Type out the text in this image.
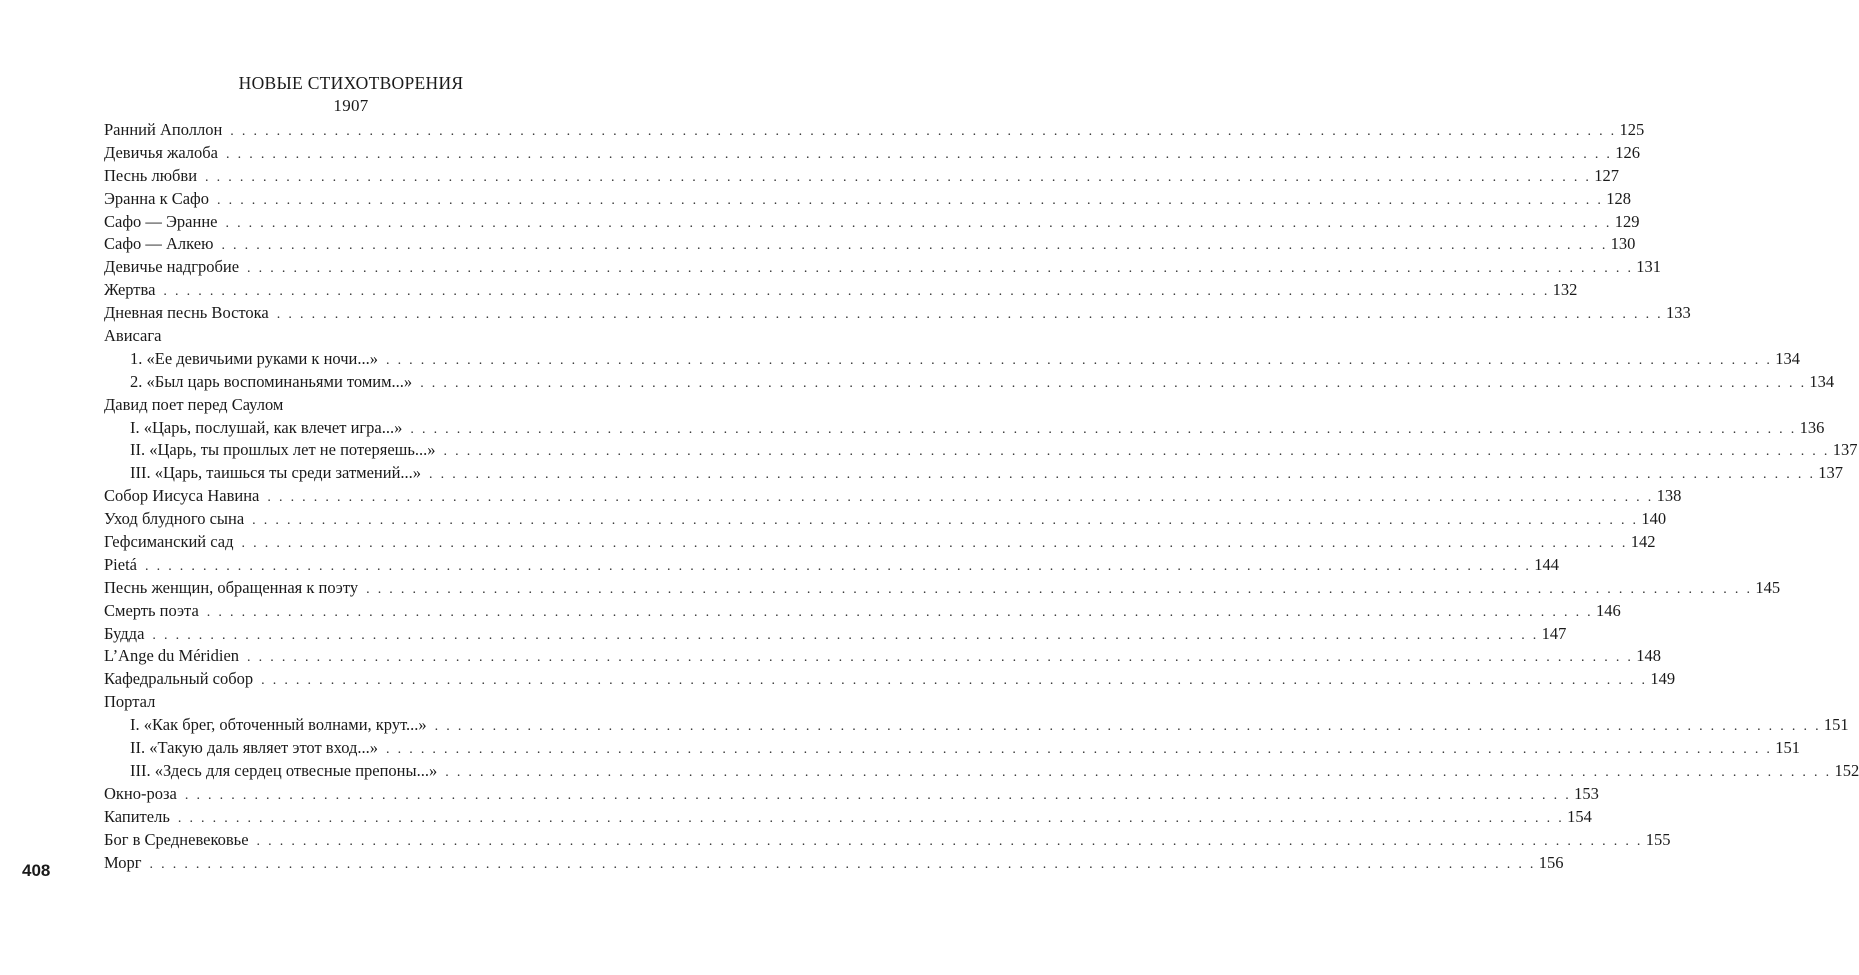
НОВЫЕ СТИХОТВОРЕНИЯ
1907
Ранний Аполлон . . . . . . . . . . . . . . . . . . . . . . . . . . . . . . . . . . . . . . . . . . . . . . . . . . . . . . . . . . . . . . . . . . . . . . . . . . . . . . . . . . . . . . . . . . . . . . . . . . . . . . . . . . . . . . . . . . . . . . . . 125
Девичья жалоба . . . . . . . . . . . . . . . . . . . . . . . . . . . . . . . . . . . . . . . . . . . . . . . . . . . . . . . . . . . . . . . . . . . . . . . . . . . . . . . . . . . . . . . . . . . . . . . . . . . . . . . . . . . . . . . . . . . . . . . . 126
Песнь любви . . . . . . . . . . . . . . . . . . . . . . . . . . . . . . . . . . . . . . . . . . . . . . . . . . . . . . . . . . . . . . . . . . . . . . . . . . . . . . . . . . . . . . . . . . . . . . . . . . . . . . . . . . . . . . . . . . . . . . . . 127
Эранна к Сафо . . . . . . . . . . . . . . . . . . . . . . . . . . . . . . . . . . . . . . . . . . . . . . . . . . . . . . . . . . . . . . . . . . . . . . . . . . . . . . . . . . . . . . . . . . . . . . . . . . . . . . . . . . . . . . . . . . . . . . . . 128
Сафо — Эранне . . . . . . . . . . . . . . . . . . . . . . . . . . . . . . . . . . . . . . . . . . . . . . . . . . . . . . . . . . . . . . . . . . . . . . . . . . . . . . . . . . . . . . . . . . . . . . . . . . . . . . . . . . . . . . . . . . . . . . . . 129
Сафо — Алкею . . . . . . . . . . . . . . . . . . . . . . . . . . . . . . . . . . . . . . . . . . . . . . . . . . . . . . . . . . . . . . . . . . . . . . . . . . . . . . . . . . . . . . . . . . . . . . . . . . . . . . . . . . . . . . . . . . . . . . . . 130
Девичье надгробие . . . . . . . . . . . . . . . . . . . . . . . . . . . . . . . . . . . . . . . . . . . . . . . . . . . . . . . . . . . . . . . . . . . . . . . . . . . . . . . . . . . . . . . . . . . . . . . . . . . . . . . . . . . . . . . . . . . . . . . . 131
Жертва . . . . . . . . . . . . . . . . . . . . . . . . . . . . . . . . . . . . . . . . . . . . . . . . . . . . . . . . . . . . . . . . . . . . . . . . . . . . . . . . . . . . . . . . . . . . . . . . . . . . . . . . . . . . . . . . . . . . . . . . 132
Дневная песнь Востока . . . . . . . . . . . . . . . . . . . . . . . . . . . . . . . . . . . . . . . . . . . . . . . . . . . . . . . . . . . . . . . . . . . . . . . . . . . . . . . . . . . . . . . . . . . . . . . . . . . . . . . . . . . . . . . . . . . . . . . . 133
Ависага
1. «Ее девичьими руками к ночи...» . . . . . . . . . . . . . . . . . . . . . . . . . . . . . . . . . . . . . . . . . . . . . . . . . . . . . . . . . . . . . . . . . . . . . . . . . . . . . . . . . . . . . . . . . . . . . . . . . . . . . . . . . . . . . . . . . . . . . . . . 134
2. «Был царь воспоминаньями томим...» . . . . . . . . . . . . . . . . . . . . . . . . . . . . . . . . . . . . . . . . . . . . . . . . . . . . . . . . . . . . . . . . . . . . . . . . . . . . . . . . . . . . . . . . . . . . . . . . . . . . . . . . . . . . . . . . . . . . . . . . 134
Давид поет перед Саулом
I. «Царь, послушай, как влечет игра...» . . . . . . . . . . . . . . . . . . . . . . . . . . . . . . . . . . . . . . . . . . . . . . . . . . . . . . . . . . . . . . . . . . . . . . . . . . . . . . . . . . . . . . . . . . . . . . . . . . . . . . . . . . . . . . . . . . . . . . . . 136
II. «Царь, ты прошлых лет не потеряешь...» . . . . . . . . . . . . . . . . . . . . . . . . . . . . . . . . . . . . . . . . . . . . . . . . . . . . . . . . . . . . . . . . . . . . . . . . . . . . . . . . . . . . . . . . . . . . . . . . . . . . . . . . . . . . . . . . . . . . . . . . 137
III. «Царь, таишься ты среди затмений...» . . . . . . . . . . . . . . . . . . . . . . . . . . . . . . . . . . . . . . . . . . . . . . . . . . . . . . . . . . . . . . . . . . . . . . . . . . . . . . . . . . . . . . . . . . . . . . . . . . . . . . . . . . . . . . . . . . . . . . . . 137
Собор Иисуса Навина . . . . . . . . . . . . . . . . . . . . . . . . . . . . . . . . . . . . . . . . . . . . . . . . . . . . . . . . . . . . . . . . . . . . . . . . . . . . . . . . . . . . . . . . . . . . . . . . . . . . . . . . . . . . . . . . . . . . . . . . 138
Уход блудного сына . . . . . . . . . . . . . . . . . . . . . . . . . . . . . . . . . . . . . . . . . . . . . . . . . . . . . . . . . . . . . . . . . . . . . . . . . . . . . . . . . . . . . . . . . . . . . . . . . . . . . . . . . . . . . . . . . . . . . . . . 140
Гефсиманский сад . . . . . . . . . . . . . . . . . . . . . . . . . . . . . . . . . . . . . . . . . . . . . . . . . . . . . . . . . . . . . . . . . . . . . . . . . . . . . . . . . . . . . . . . . . . . . . . . . . . . . . . . . . . . . . . . . . . . . . . . 142
Pietá . . . . . . . . . . . . . . . . . . . . . . . . . . . . . . . . . . . . . . . . . . . . . . . . . . . . . . . . . . . . . . . . . . . . . . . . . . . . . . . . . . . . . . . . . . . . . . . . . . . . . . . . . . . . . . . . . . . . . . . . 144
Песнь женщин, обращенная к поэту . . . . . . . . . . . . . . . . . . . . . . . . . . . . . . . . . . . . . . . . . . . . . . . . . . . . . . . . . . . . . . . . . . . . . . . . . . . . . . . . . . . . . . . . . . . . . . . . . . . . . . . . . . . . . . . . . . . . . . . . 145
Смерть поэта . . . . . . . . . . . . . . . . . . . . . . . . . . . . . . . . . . . . . . . . . . . . . . . . . . . . . . . . . . . . . . . . . . . . . . . . . . . . . . . . . . . . . . . . . . . . . . . . . . . . . . . . . . . . . . . . . . . . . . . . 146
Будда . . . . . . . . . . . . . . . . . . . . . . . . . . . . . . . . . . . . . . . . . . . . . . . . . . . . . . . . . . . . . . . . . . . . . . . . . . . . . . . . . . . . . . . . . . . . . . . . . . . . . . . . . . . . . . . . . . . . . . . . 147
L’Ange du Méridien . . . . . . . . . . . . . . . . . . . . . . . . . . . . . . . . . . . . . . . . . . . . . . . . . . . . . . . . . . . . . . . . . . . . . . . . . . . . . . . . . . . . . . . . . . . . . . . . . . . . . . . . . . . . . . . . . . . . . . . . 148
Кафедральный собор . . . . . . . . . . . . . . . . . . . . . . . . . . . . . . . . . . . . . . . . . . . . . . . . . . . . . . . . . . . . . . . . . . . . . . . . . . . . . . . . . . . . . . . . . . . . . . . . . . . . . . . . . . . . . . . . . . . . . . . . 149
Портал
I. «Как брег, обточенный волнами, крут...» . . . . . . . . . . . . . . . . . . . . . . . . . . . . . . . . . . . . . . . . . . . . . . . . . . . . . . . . . . . . . . . . . . . . . . . . . . . . . . . . . . . . . . . . . . . . . . . . . . . . . . . . . . . . . . . . . . . . . . . . 151
II. «Такую даль являет этот вход...» . . . . . . . . . . . . . . . . . . . . . . . . . . . . . . . . . . . . . . . . . . . . . . . . . . . . . . . . . . . . . . . . . . . . . . . . . . . . . . . . . . . . . . . . . . . . . . . . . . . . . . . . . . . . . . . . . . . . . . . . 151
III. «Здесь для сердец отвесные препоны...» . . . . . . . . . . . . . . . . . . . . . . . . . . . . . . . . . . . . . . . . . . . . . . . . . . . . . . . . . . . . . . . . . . . . . . . . . . . . . . . . . . . . . . . . . . . . . . . . . . . . . . . . . . . . . . . . . . . . . . . . 152
Окно-роза . . . . . . . . . . . . . . . . . . . . . . . . . . . . . . . . . . . . . . . . . . . . . . . . . . . . . . . . . . . . . . . . . . . . . . . . . . . . . . . . . . . . . . . . . . . . . . . . . . . . . . . . . . . . . . . . . . . . . . . . 153
Капитель . . . . . . . . . . . . . . . . . . . . . . . . . . . . . . . . . . . . . . . . . . . . . . . . . . . . . . . . . . . . . . . . . . . . . . . . . . . . . . . . . . . . . . . . . . . . . . . . . . . . . . . . . . . . . . . . . . . . . . . . 154
Бог в Средневековье . . . . . . . . . . . . . . . . . . . . . . . . . . . . . . . . . . . . . . . . . . . . . . . . . . . . . . . . . . . . . . . . . . . . . . . . . . . . . . . . . . . . . . . . . . . . . . . . . . . . . . . . . . . . . . . . . . . . . . . . 155
Морг . . . . . . . . . . . . . . . . . . . . . . . . . . . . . . . . . . . . . . . . . . . . . . . . . . . . . . . . . . . . . . . . . . . . . . . . . . . . . . . . . . . . . . . . . . . . . . . . . . . . . . . . . . . . . . . . . . . . . . . . 156
408
